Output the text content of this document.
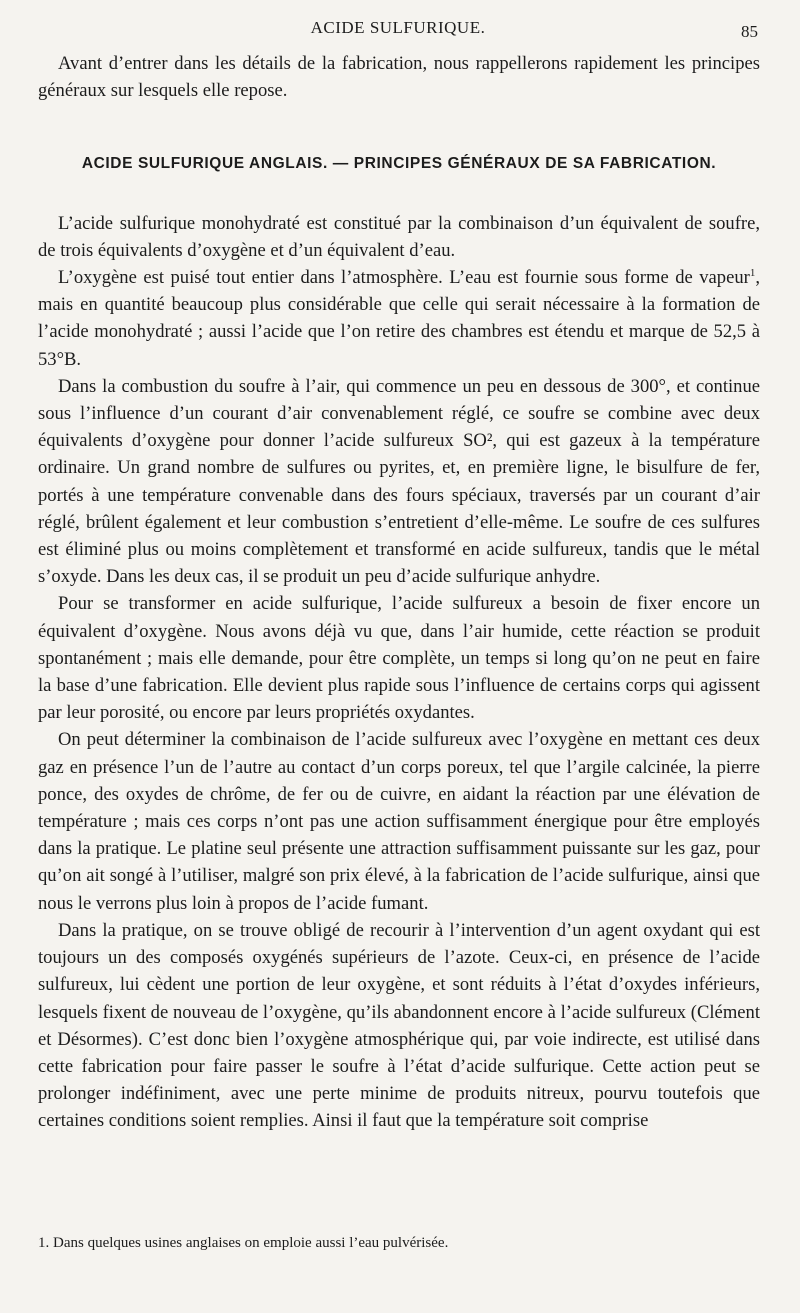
ACIDE SULFURIQUE.	85

Avant d’entrer dans les détails de la fabrication, nous rappellerons rapidement les principes généraux sur lesquels elle repose.

ACIDE SULFURIQUE ANGLAIS. — PRINCIPES GÉNÉRAUX DE SA FABRICATION.

L’acide sulfurique monohydraté est constitué par la combinaison d’un équivalent de soufre, de trois équivalents d’oxygène et d’un équivalent d’eau.

L’oxygène est puisé tout entier dans l’atmosphère. L’eau est fournie sous forme de vapeur$^1$, mais en quantité beaucoup plus considérable que celle qui serait nécessaire à la formation de l’acide monohydraté ; aussi l’acide que l’on retire des chambres est étendu et marque de 52,5 à 53°B.

Dans la combustion du soufre à l’air, qui commence un peu en dessous de 300°, et continue sous l’influence d’un courant d’air convenablement réglé, ce soufre se combine avec deux équivalents d’oxygène pour donner l’acide sulfureux SO², qui est gazeux à la température ordinaire. Un grand nombre de sulfures ou pyrites, et, en première ligne, le bisulfure de fer, portés à une température convenable dans des fours spéciaux, traversés par un courant d’air réglé, brûlent également et leur combustion s’entretient d’elle-même. Le soufre de ces sulfures est éliminé plus ou moins complètement et transformé en acide sulfureux, tandis que le métal s’oxyde. Dans les deux cas, il se produit un peu d’acide sulfurique anhydre.

Pour se transformer en acide sulfurique, l’acide sulfureux a besoin de fixer encore un équivalent d’oxygène. Nous avons déjà vu que, dans l’air humide, cette réaction se produit spontanément ; mais elle demande, pour être complète, un temps si long qu’on ne peut en faire la base d’une fabrication. Elle devient plus rapide sous l’influence de certains corps qui agissent par leur porosité, ou encore par leurs propriétés oxydantes.

On peut déterminer la combinaison de l’acide sulfureux avec l’oxygène en mettant ces deux gaz en présence l’un de l’autre au contact d’un corps poreux, tel que l’argile calcinée, la pierre ponce, des oxydes de chrôme, de fer ou de cuivre, en aidant la réaction par une élévation de température ; mais ces corps n’ont pas une action suffisamment énergique pour être employés dans la pratique. Le platine seul présente une attraction suffisamment puissante sur les gaz, pour qu’on ait songé à l’utiliser, malgré son prix élevé, à la fabrication de l’acide sulfurique, ainsi que nous le verrons plus loin à propos de l’acide fumant.

Dans la pratique, on se trouve obligé de recourir à l’intervention d’un agent oxydant qui est toujours un des composés oxygénés supérieurs de l’azote. Ceux-ci, en présence de l’acide sulfureux, lui cèdent une portion de leur oxygène, et sont réduits à l’état d’oxydes inférieurs, lesquels fixent de nouveau de l’oxygène, qu’ils abandonnent encore à l’acide sulfureux (Clément et Désormes). C’est donc bien l’oxygène atmosphérique qui, par voie indirecte, est utilisé dans cette fabrication pour faire passer le soufre à l’état d’acide sulfurique. Cette action peut se prolonger indéfiniment, avec une perte minime de produits nitreux, pourvu toutefois que certaines conditions soient remplies. Ainsi il faut que la température soit comprise

1. Dans quelques usines anglaises on emploie aussi l’eau pulvérisée.
